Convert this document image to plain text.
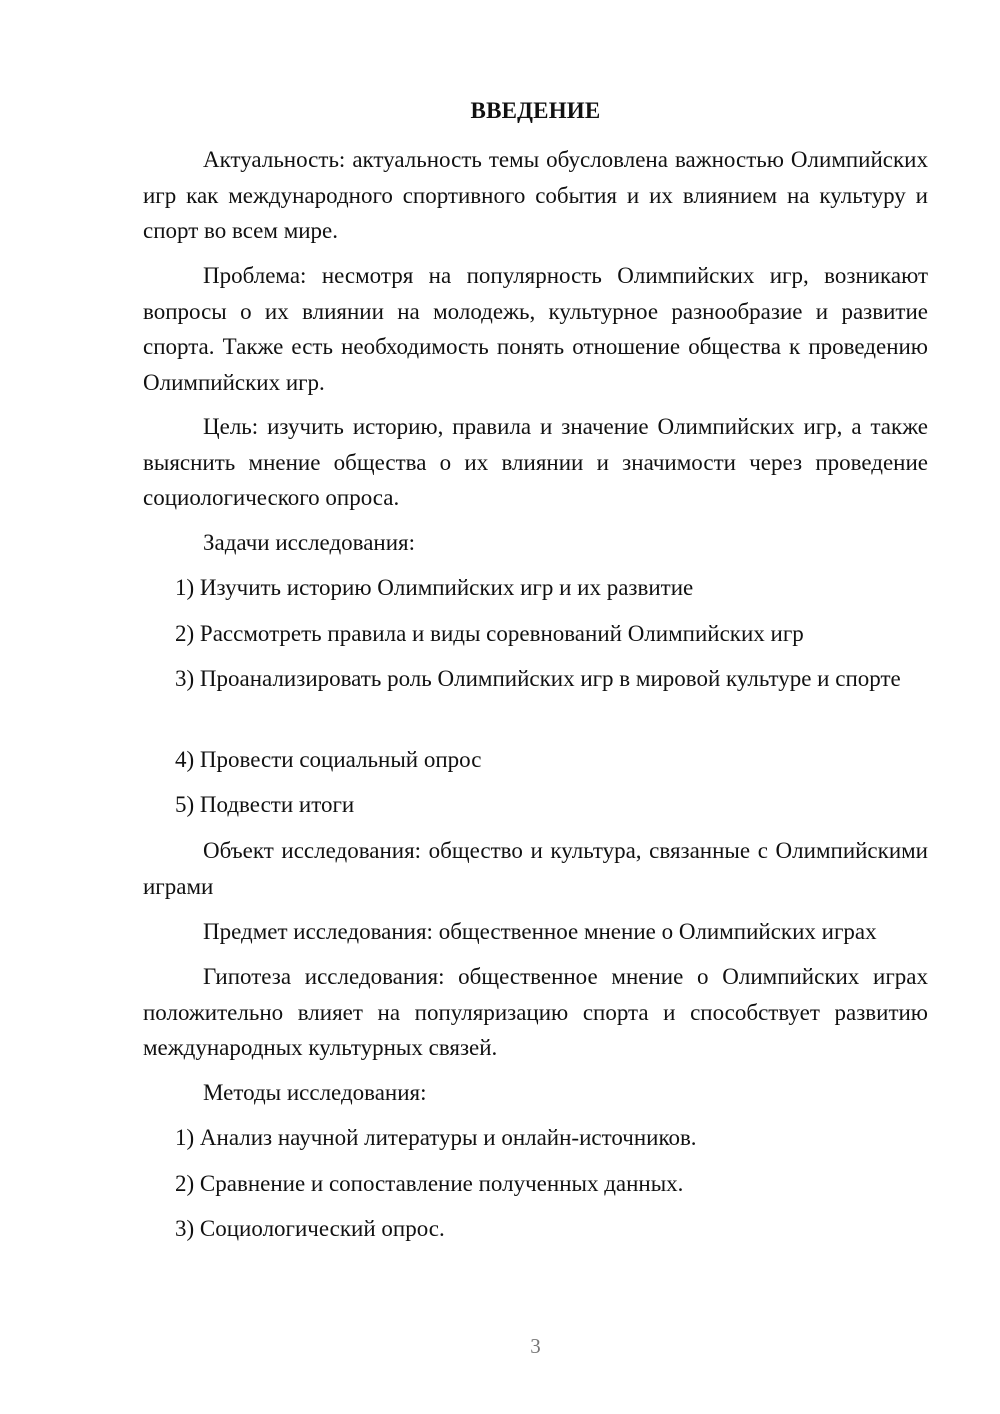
ВВЕДЕНИЕ

Актуальность: актуальность темы обусловлена важностью Олимпийских игр как международного спортивного события и их влиянием на культуру и спорт во всем мире.

Проблема: несмотря на популярность Олимпийских игр, возникают вопросы о их влиянии на молодежь, культурное разнообразие и развитие спорта. Также есть необходимость понять отношение общества к проведению Олимпийских игр.

Цель: изучить историю, правила и значение Олимпийских игр, а также выяснить мнение общества о их влиянии и значимости через проведение социологического опроса.

Задачи исследования:

1) Изучить историю Олимпийских игр и их развитие

2) Рассмотреть правила и виды соревнований Олимпийских игр

3) Проанализировать роль Олимпийских игр в мировой культуре и спорте

4) Провести социальный опрос

5) Подвести итоги

Объект исследования: общество и культура, связанные с Олимпийскими играми

Предмет исследования: общественное мнение о Олимпийских играх

Гипотеза исследования: общественное мнение о Олимпийских играх положительно влияет на популяризацию спорта и способствует развитию международных культурных связей.

Методы исследования:

1) Анализ научной литературы и онлайн-источников.

2) Сравнение и сопоставление полученных данных.

3) Социологический опрос.

3
